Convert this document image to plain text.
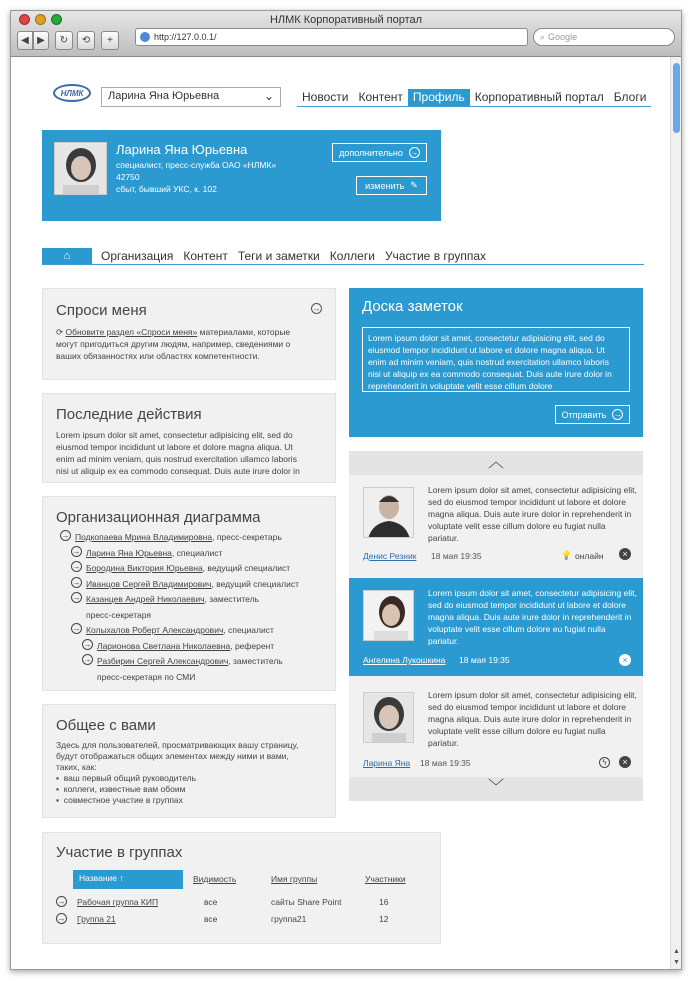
НЛМК Корпоративный портал
◀ ▶	↻	⟲	+	http://127.0.0.1/	⌕ Google
▲
▼
НЛМК	Ларина Яна Юрьевна	⌄	Новости Контент Профиль Корпоративный портал Блоги
Ларина Яна Юрьевна
специалист, пресс-служба ОАО «НЛМК»
42750
сбыт, бывший УКС, к. 102
дополнительно →
изменить ✎
⌂	Организация Контент Теги и заметки Коллеги Участие в группах
Спроси меня	→
⟳ Обновите раздел «Спроси меня» материалами, которые
могут пригодиться другим людям, например, сведениями о
ваших обязанностях или областях компетентности.
Последние действия
Lorem ipsum dolor sit amet, consectetur adipisicing elit, sed do
eiusmod tempor incididunt ut labore et dolore magna aliqua. Ut
enim ad minim veniam, quis nostrud exercitation ullamco laboris
nisi ut aliquip ex ea commodo consequat. Duis aute irure dolor in
Организационная диаграмма
→ Подкопаева Мрина Владимировна, пресс-секретарь
→ Ларина Яна Юрьевна, специалист
→ Бородина Виктория Юрьевна, ведущий специалист
→ Иванцов Сергей Владимирович, ведущий специалист
→ Казанцев Андрей Николаевич, заместитель
пресс-секретаря
→ Колыхалов Роберт Александрович, специалист
→ Ларионова Светлана Николаевна, референт
→ Разбирин Сергей Александрович, заместитель
пресс-секретаря по СМИ
Общее с вами
Здесь для пользователей, просматривающих вашу страницу,
будут отображаться общих элементах между ними и вами,
таких, как:
▪  ваш первый общий руководитель
▪  коллеги, известные вам обоим
▪  совместное участие в группах
Участие в группах
Название ↑	Видимость	Имя группы	Участники
→ Рабочая группа КИП	все	сайты Share Point	16
→ Группа 21	все	группа21	12
Доска заметок
Отправить →
Lorem ipsum dolor sit amet, consectetur adipisicing elit, sed do eiusmod tempor incididunt ut labore et dolore magna aliqua. Ut enim ad minim veniam, quis nostrud exercitation ullamco laboris nisi ut aliquip ex ea commodo consequat. Duis aute irure dolor in reprehenderit in voluptate velit esse cillum dolore
︿
Lorem ipsum dolor sit amet, consectetur adipisicing elit, sed do eiusmod tempor incididunt ut labore et dolore magna aliqua. Duis aute irure dolor in reprehenderit in voluptate velit esse cillum dolore eu fugiat nulla pariatur.
Денис Резник 18 мая 19:35	💡 онлайн	×
Lorem ipsum dolor sit amet, consectetur adipisicing elit, sed do eiusmod tempor incididunt ut labore et dolore magna aliqua. Duis aute irure dolor in reprehenderit in voluptate velit esse cillum dolore eu fugiat nulla pariatur.
Ангелина Лукошкина 18 мая 19:35	×
Lorem ipsum dolor sit amet, consectetur adipisicing elit, sed do eiusmod tempor incididunt ut labore et dolore magna aliqua. Duis aute irure dolor in reprehenderit in voluptate velit esse cillum dolore eu fugiat nulla pariatur.
Ларина Яна 18 мая 19:35	ϟ	×
﹀
